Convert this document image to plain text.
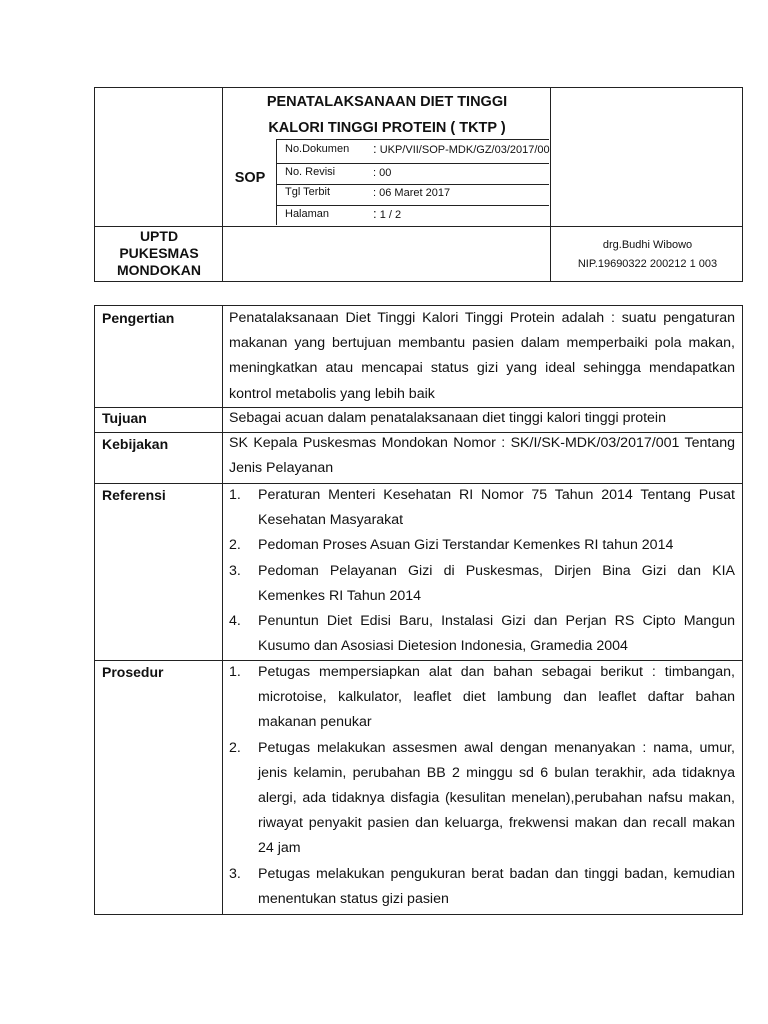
PENATALAKSANAAN DIET TINGGI
KALORI TINGGI PROTEIN ( TKTP )
SOP
No.Dokumen : UKP/VII/SOP-MDK/GZ/03/2017/00
No. Revisi	: 00
Tgl Terbit	: 06 Maret 2017
Halaman	: 1 / 2
UPTD
PUKESMAS
MONDOKAN
drg.Budhi Wibowo
NIP.19690322 200212 1 003
Pengertian	Penatalaksanaan Diet Tinggi Kalori Tinggi Protein adalah : suatu pengaturan makanan yang bertujuan membantu pasien dalam memperbaiki pola makan, meningkatkan atau mencapai status gizi yang ideal sehingga mendapatkan kontrol metabolis yang lebih baik
Tujuan	Sebagai acuan dalam penatalaksanaan diet tinggi kalori tinggi protein
Kebijakan	SK Kepala Puskesmas Mondokan Nomor : SK/I/SK-MDK/03/2017/001 Tentang Jenis Pelayanan
Referensi	1. Peraturan Menteri Kesehatan RI Nomor 75 Tahun 2014 Tentang Pusat Kesehatan Masyarakat
2. Pedoman Proses Asuan Gizi Terstandar Kemenkes RI tahun 2014
3. Pedoman Pelayanan Gizi di Puskesmas, Dirjen Bina Gizi dan KIA Kemenkes RI Tahun 2014
4. Penuntun Diet Edisi Baru, Instalasi Gizi dan Perjan RS Cipto Mangun Kusumo dan Asosiasi Dietesion Indonesia, Gramedia 2004
Prosedur	1. Petugas mempersiapkan alat dan bahan sebagai berikut : timbangan, microtoise, kalkulator, leaflet diet lambung dan leaflet daftar bahan makanan penukar
2. Petugas melakukan assesmen awal dengan menanyakan : nama, umur, jenis kelamin, perubahan BB 2 minggu sd 6 bulan terakhir, ada tidaknya alergi, ada tidaknya disfagia (kesulitan menelan),perubahan nafsu makan, riwayat penyakit pasien dan keluarga, frekwensi makan dan recall makan 24 jam
3. Petugas melakukan pengukuran berat badan dan tinggi badan, kemudian menentukan status gizi pasien
